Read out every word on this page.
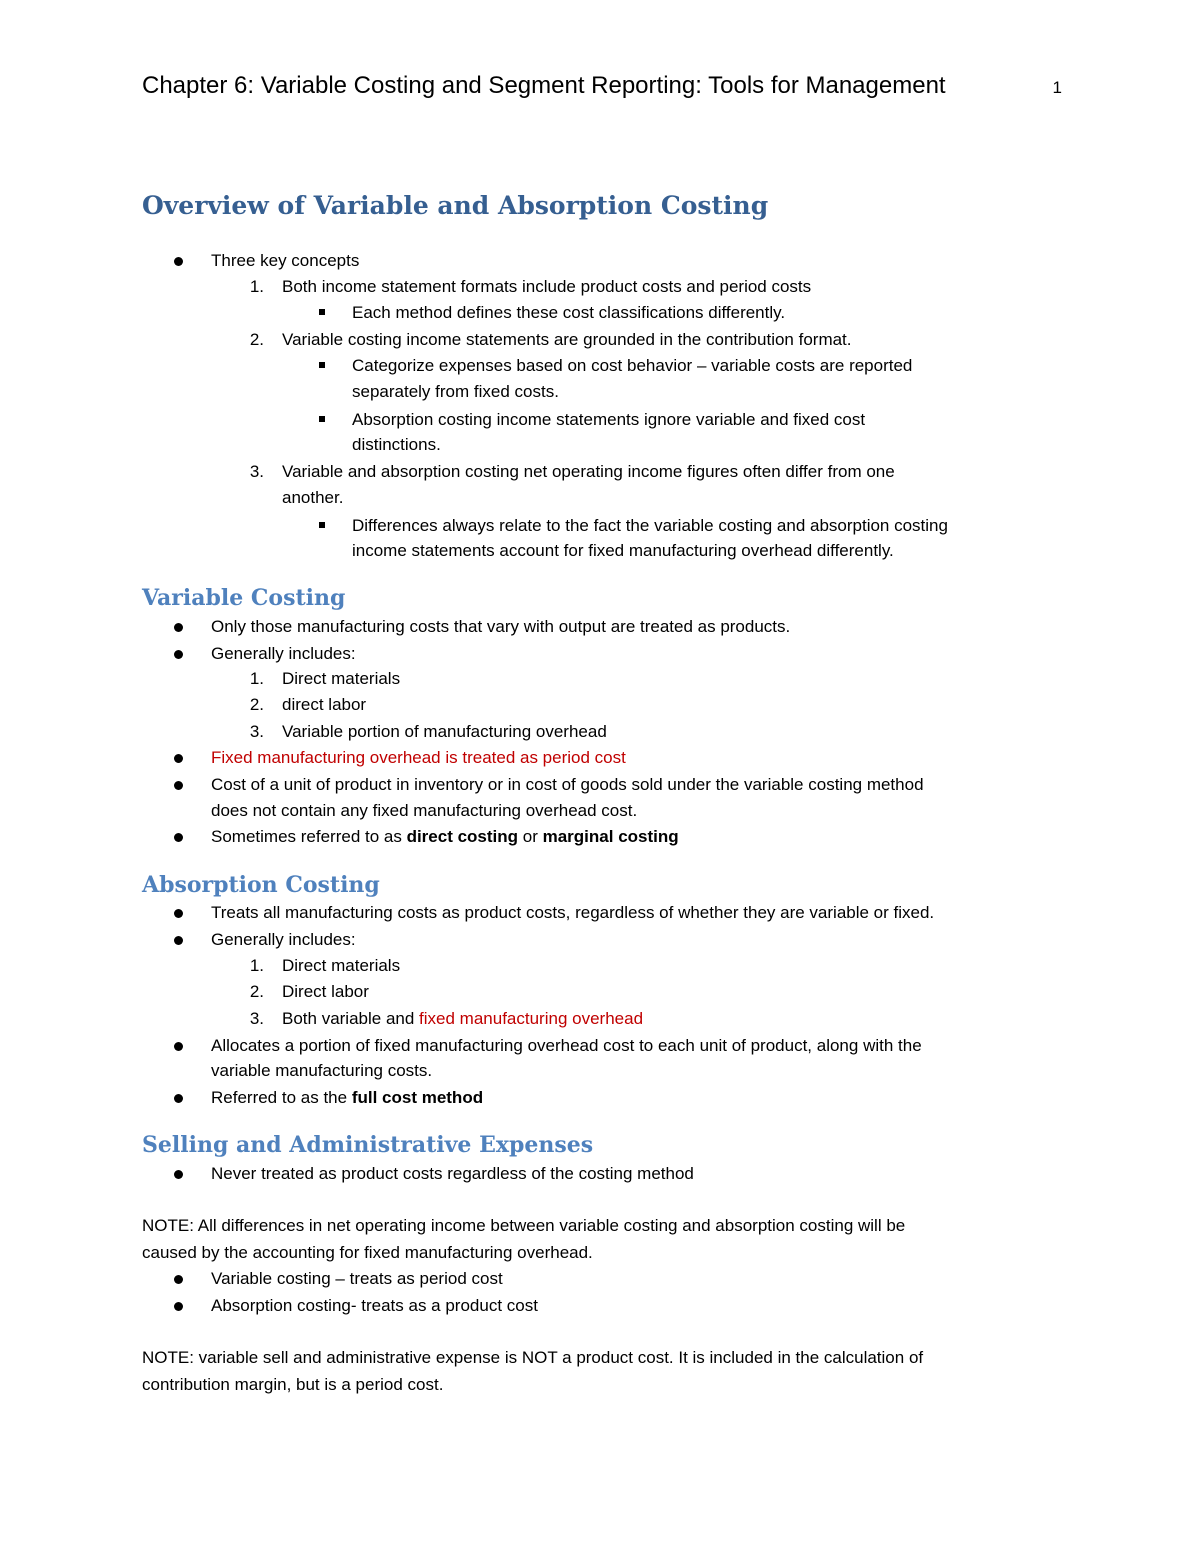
Chapter 6: Variable Costing and Segment Reporting: Tools for Management	1
Overview of Variable and Absorption Costing
Three key concepts
1. Both income statement formats include product costs and period costs
Each method defines these cost classifications differently.
2. Variable costing income statements are grounded in the contribution format.
Categorize expenses based on cost behavior – variable costs are reported
separately from fixed costs.
Absorption costing income statements ignore variable and fixed cost
distinctions.
3. Variable and absorption costing net operating income figures often differ from one
another.
Differences always relate to the fact the variable costing and absorption costing
income statements account for fixed manufacturing overhead differently.
Variable Costing
Only those manufacturing costs that vary with output are treated as products.
Generally includes:
1. Direct materials
2. direct labor
3. Variable portion of manufacturing overhead
Fixed manufacturing overhead is treated as period cost
Cost of a unit of product in inventory or in cost of goods sold under the variable costing method
does not contain any fixed manufacturing overhead cost.
Sometimes referred to as direct costing or marginal costing
Absorption Costing
Treats all manufacturing costs as product costs, regardless of whether they are variable or fixed.
Generally includes:
1. Direct materials
2. Direct labor
3. Both variable and fixed manufacturing overhead
Allocates a portion of fixed manufacturing overhead cost to each unit of product, along with the
variable manufacturing costs.
Referred to as the full cost method
Selling and Administrative Expenses
Never treated as product costs regardless of the costing method
NOTE: All differences in net operating income between variable costing and absorption costing will be
caused by the accounting for fixed manufacturing overhead.
Variable costing – treats as period cost
Absorption costing- treats as a product cost
NOTE: variable sell and administrative expense is NOT a product cost. It is included in the calculation of
contribution margin, but is a period cost.
